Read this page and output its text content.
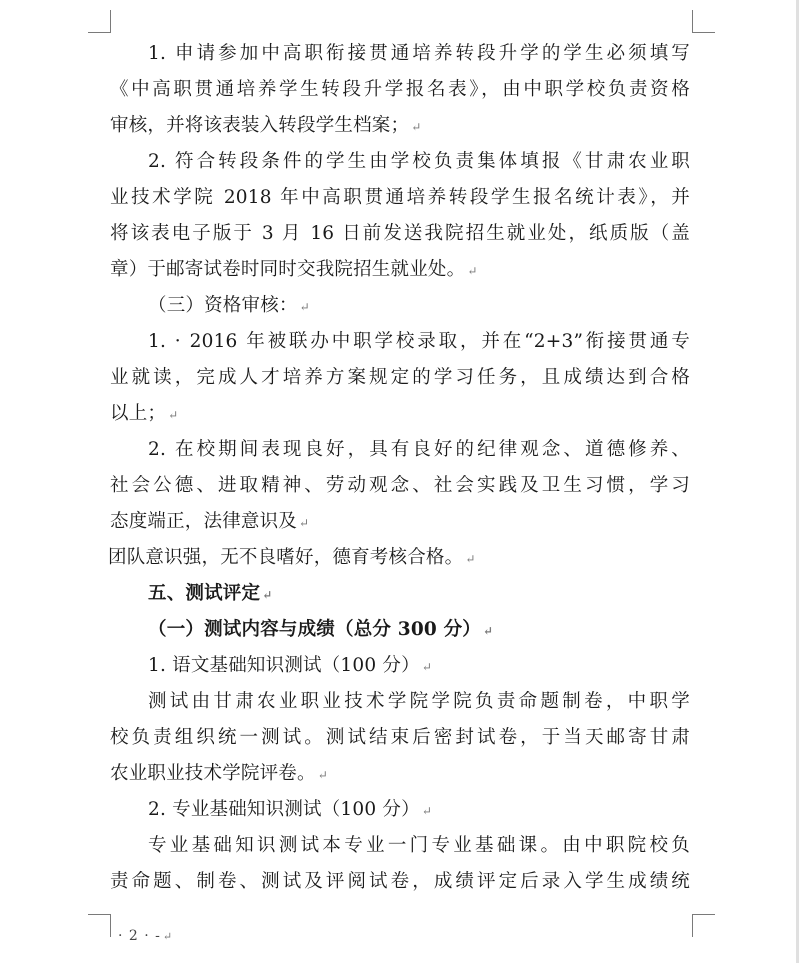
1. 申请参加中高职衔接贯通培养转段升学的学生必须填写
《中高职贯通培养学生转段升学报名表》，由中职学校负责资格
审核，并将该表装入转段学生档案； ↵
2. 符合转段条件的学生由学校负责集体填报《甘肃农业职
业技术学院 2018 年中高职贯通培养转段学生报名统计表》，并
将该表电子版于 3 月 16 日前发送我院招生就业处，纸质版（盖
章）于邮寄试卷时同时交我院招生就业处。 ↵
（三）资格审核： ↵
1. · 2016 年被联办中职学校录取，并在“2+3”衔接贯通专
业就读，完成人才培养方案规定的学习任务，且成绩达到合格
以上； ↵
2. 在校期间表现良好，具有良好的纪律观念、道德修养、
社会公德、进取精神、劳动观念、社会实践及卫生习惯，学习
态度端正，法律意识及 ↵
团队意识强，无不良嗜好，德育考核合格。 ↵
五、测试评定 ↵
（一）测试内容与成绩（总分 300 分） ↵
1. 语文基础知识测试（100 分） ↵
测试由甘肃农业职业技术学院学院负责命题制卷，中职学
校负责组织统一测试。测试结束后密封试卷，于当天邮寄甘肃
农业职业技术学院评卷。 ↵
2. 专业基础知识测试（100 分） ↵
专业基础知识测试本专业一门专业基础课。由中职院校负
责命题、制卷、测试及评阅试卷，成绩评定后录入学生成绩统
· 2 · - ↵
